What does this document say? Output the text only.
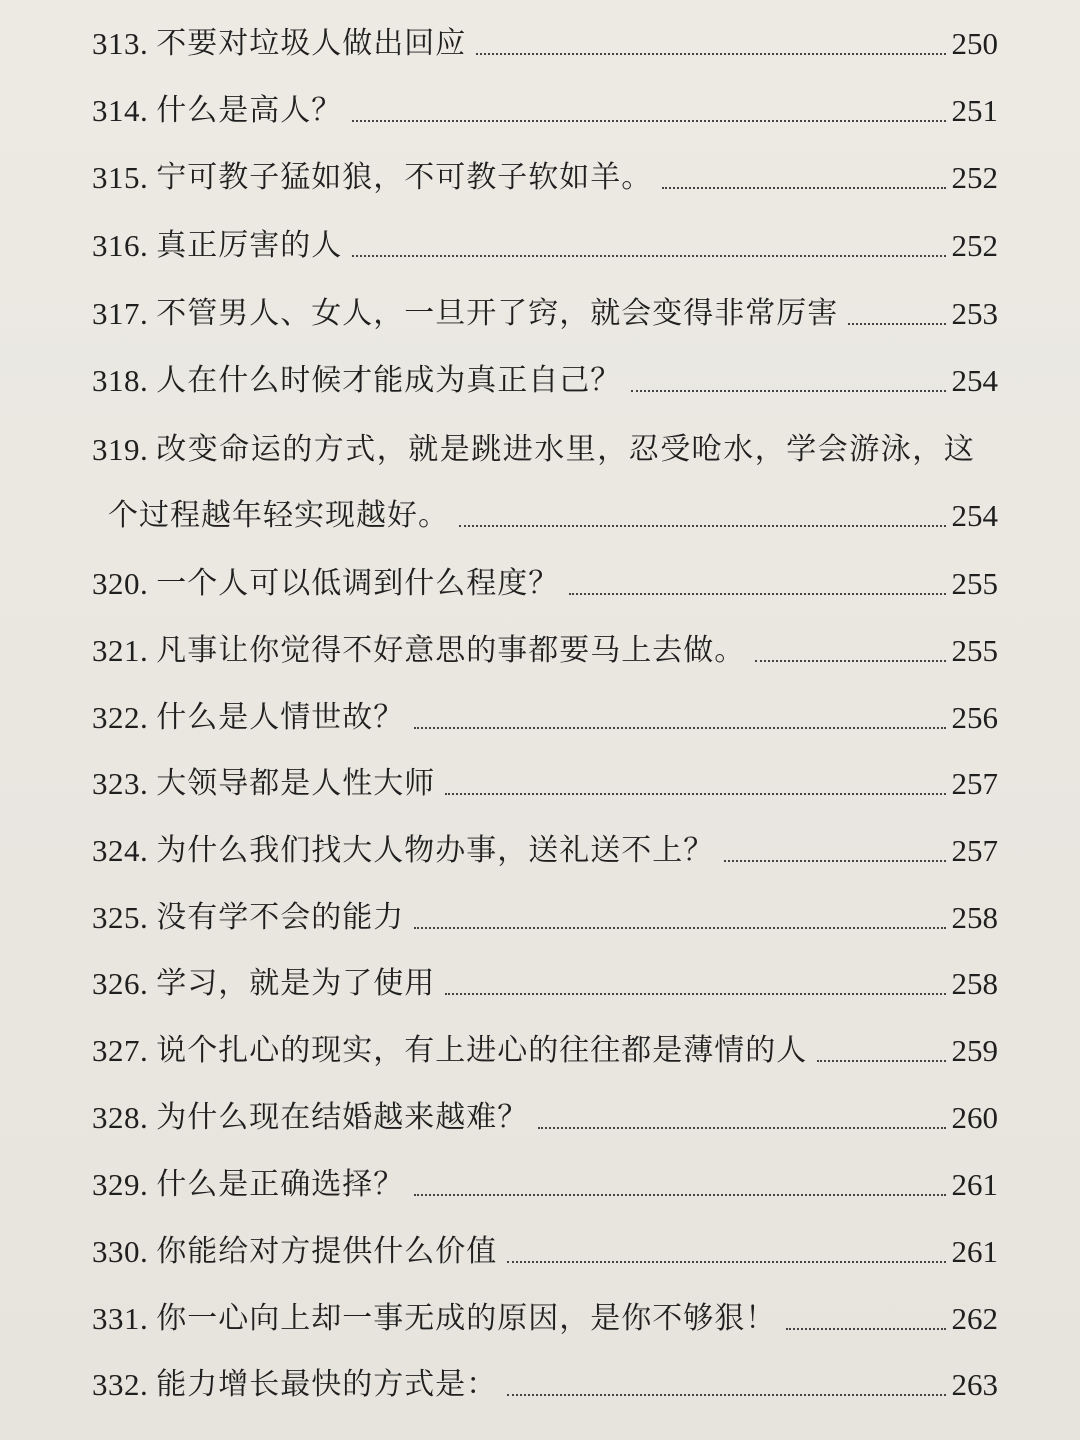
313. 不要对垃圾人做出回应	250
314. 什么是高人？	251
315. 宁可教子猛如狼，不可教子软如羊。	252
316. 真正厉害的人	252
317. 不管男人、女人，一旦开了窍，就会变得非常厉害	253
318. 人在什么时候才能成为真正自己？	254
319. 改变命运的方式，就是跳进水里，忍受呛水，学会游泳，这
个过程越年轻实现越好。	254
320. 一个人可以低调到什么程度？	255
321. 凡事让你觉得不好意思的事都要马上去做。	255
322. 什么是人情世故？	256
323. 大领导都是人性大师	257
324. 为什么我们找大人物办事，送礼送不上？	257
325. 没有学不会的能力	258
326. 学习，就是为了使用	258
327. 说个扎心的现实，有上进心的往往都是薄情的人	259
328. 为什么现在结婚越来越难？	260
329. 什么是正确选择？	261
330. 你能给对方提供什么价值	261
331. 你一心向上却一事无成的原因，是你不够狠！	262
332. 能力增长最快的方式是：	263
